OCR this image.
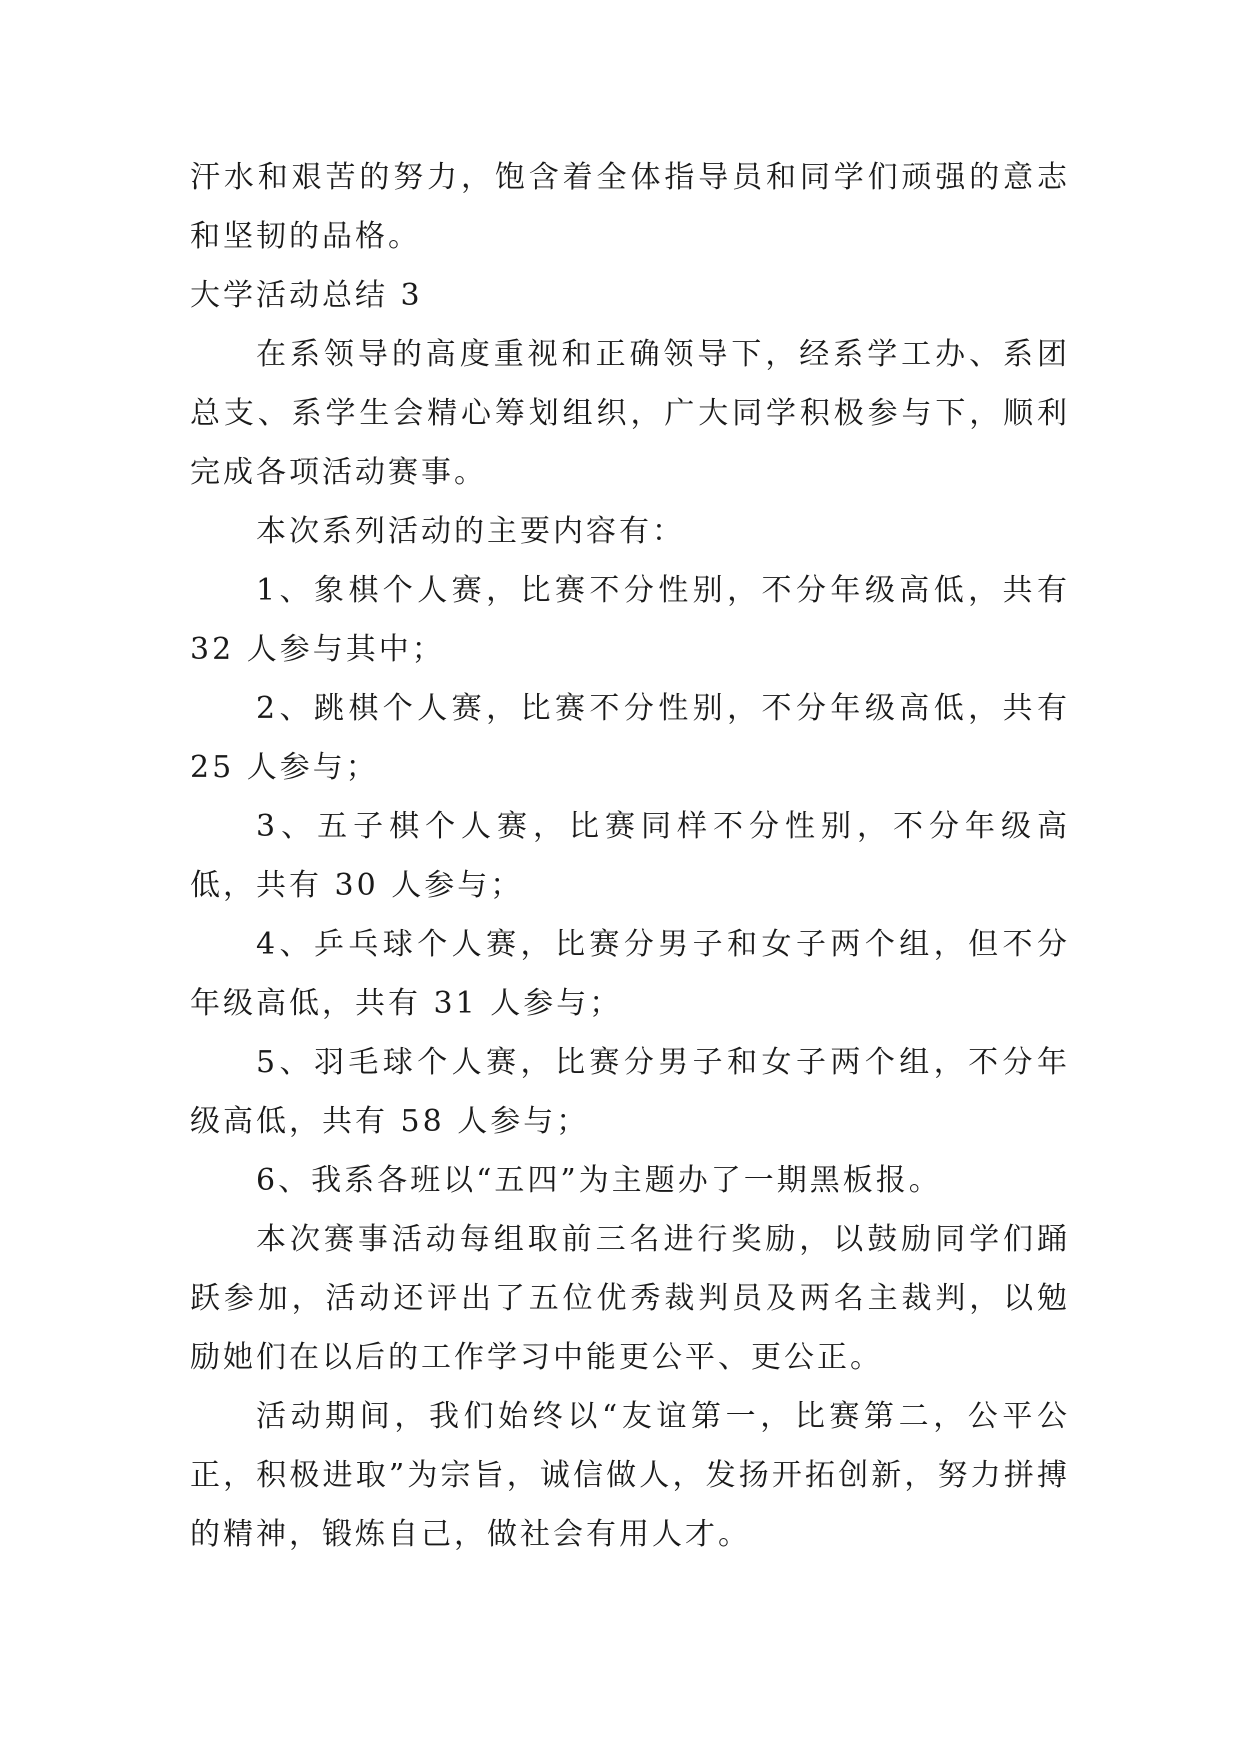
汗水和艰苦的努力，饱含着全体指导员和同学们顽强的意志和坚韧的品格。

大学活动总结 3

在系领导的高度重视和正确领导下，经系学工办、系团总支、系学生会精心筹划组织，广大同学积极参与下，顺利完成各项活动赛事。

本次系列活动的主要内容有：

1、象棋个人赛，比赛不分性别，不分年级高低，共有 32 人参与其中；

2、跳棋个人赛，比赛不分性别，不分年级高低，共有 25 人参与；

3、五子棋个人赛，比赛同样不分性别，不分年级高低，共有 30 人参与；

4、乒乓球个人赛，比赛分男子和女子两个组，但不分年级高低，共有 31 人参与；

5、羽毛球个人赛，比赛分男子和女子两个组，不分年级高低，共有 58 人参与；

6、我系各班以“五四”为主题办了一期黑板报。

本次赛事活动每组取前三名进行奖励，以鼓励同学们踊跃参加，活动还评出了五位优秀裁判员及两名主裁判，以勉励她们在以后的工作学习中能更公平、更公正。

活动期间，我们始终以“友谊第一，比赛第二，公平公正，积极进取”为宗旨，诚信做人，发扬开拓创新，努力拼搏的精神，锻炼自己，做社会有用人才。
